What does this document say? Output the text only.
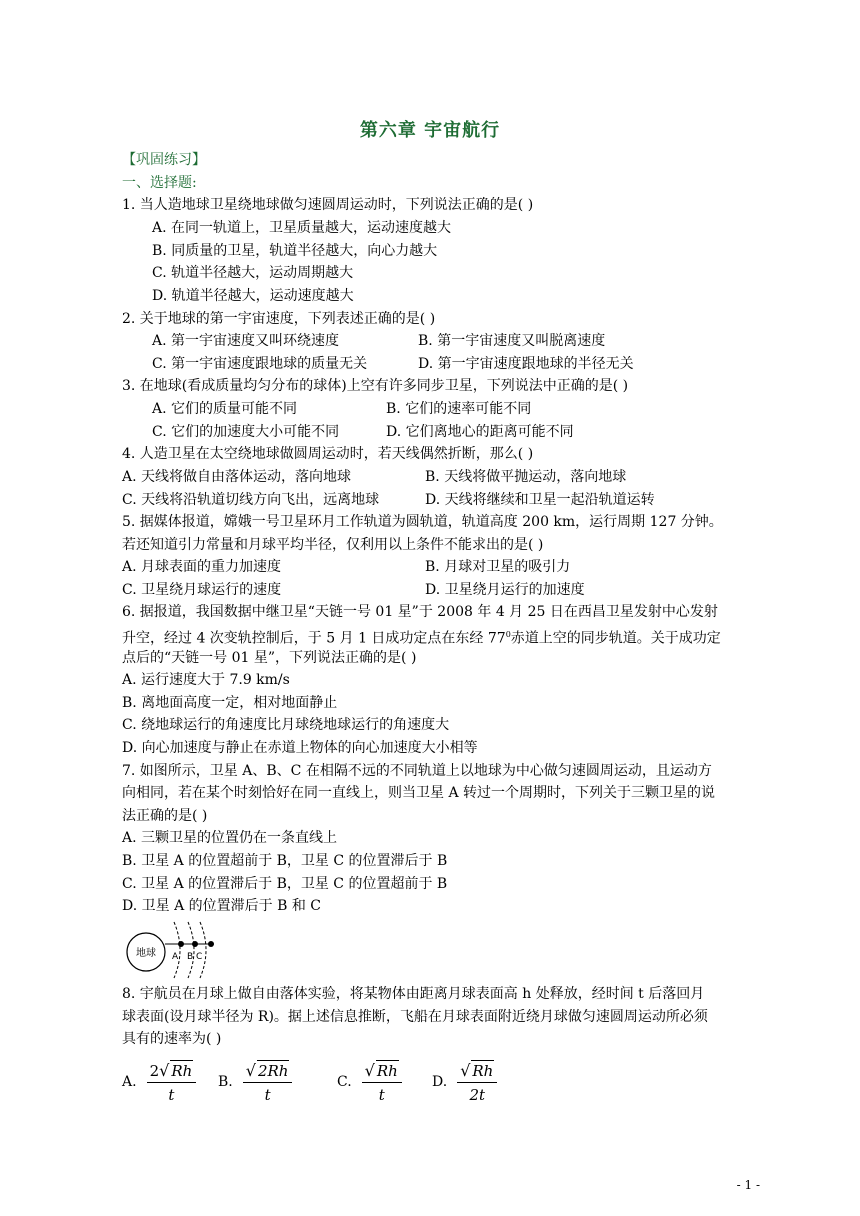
第六章 宇宙航行
【巩固练习】
一、选择题:
1. 当人造地球卫星绕地球做匀速圆周运动时，下列说法正确的是( )
A. 在同一轨道上，卫星质量越大，运动速度越大
B. 同质量的卫星，轨道半径越大，向心力越大
C. 轨道半径越大，运动周期越大
D. 轨道半径越大，运动速度越大
2. 关于地球的第一宇宙速度，下列表述正确的是( )
A. 第一宇宙速度又叫环绕速度	B. 第一宇宙速度又叫脱离速度
C. 第一宇宙速度跟地球的质量无关	D. 第一宇宙速度跟地球的半径无关
3. 在地球(看成质量均匀分布的球体)上空有许多同步卫星，下列说法中正确的是( )
A. 它们的质量可能不同	B. 它们的速率可能不同
C. 它们的加速度大小可能不同	D. 它们离地心的距离可能不同
4. 人造卫星在太空绕地球做圆周运动时，若天线偶然折断，那么( )
A. 天线将做自由落体运动，落向地球	B. 天线将做平抛运动，落向地球
C. 天线将沿轨道切线方向飞出，远离地球	D. 天线将继续和卫星一起沿轨道运转
5. 据媒体报道，嫦娥一号卫星环月工作轨道为圆轨道，轨道高度 200 km，运行周期 127 分钟。
若还知道引力常量和月球平均半径，仅利用以上条件不能求出的是( )
A. 月球表面的重力加速度	B. 月球对卫星的吸引力
C. 卫星绕月球运行的速度	D. 卫星绕月运行的加速度
6. 据报道，我国数据中继卫星“天链一号 01 星”于 2008 年 4 月 25 日在西昌卫星发射中心发射
升空，经过 4 次变轨控制后，于 5 月 1 日成功定点在东经 $77^0$赤道上空的同步轨道。关于成功定
点后的“天链一号 01 星”，下列说法正确的是( )
A. 运行速度大于 7.9 km/s
B. 离地面高度一定，相对地面静止
C. 绕地球运行的角速度比月球绕地球运行的角速度大
D. 向心加速度与静止在赤道上物体的向心加速度大小相等
7. 如图所示，卫星 A、B、C 在相隔不远的不同轨道上以地球为中心做匀速圆周运动，且运动方
向相同，若在某个时刻恰好在同一直线上，则当卫星 A 转过一个周期时，下列关于三颗卫星的说
法正确的是( )
A. 三颗卫星的位置仍在一条直线上
B. 卫星 A 的位置超前于 B，卫星 C 的位置滞后于 B
C. 卫星 A 的位置滞后于 B，卫星 C 的位置超前于 B
D. 卫星 A 的位置滞后于 B 和 C
地球 A B C
8. 宇航员在月球上做自由落体实验，将某物体由距离月球表面高 h 处释放，经时间 t 后落回月
球表面(设月球半径为 R)。据上述信息推断，飞船在月球表面附近绕月球做匀速圆周运动所必须
具有的速率为( )
A. $\frac{2 √ Rh}{t} B$. $\frac{√ 2Rh}{t}$	C. $\frac{√ Rh}{t} D$. $\frac{√ Rh}{2t}$
- 1 -
